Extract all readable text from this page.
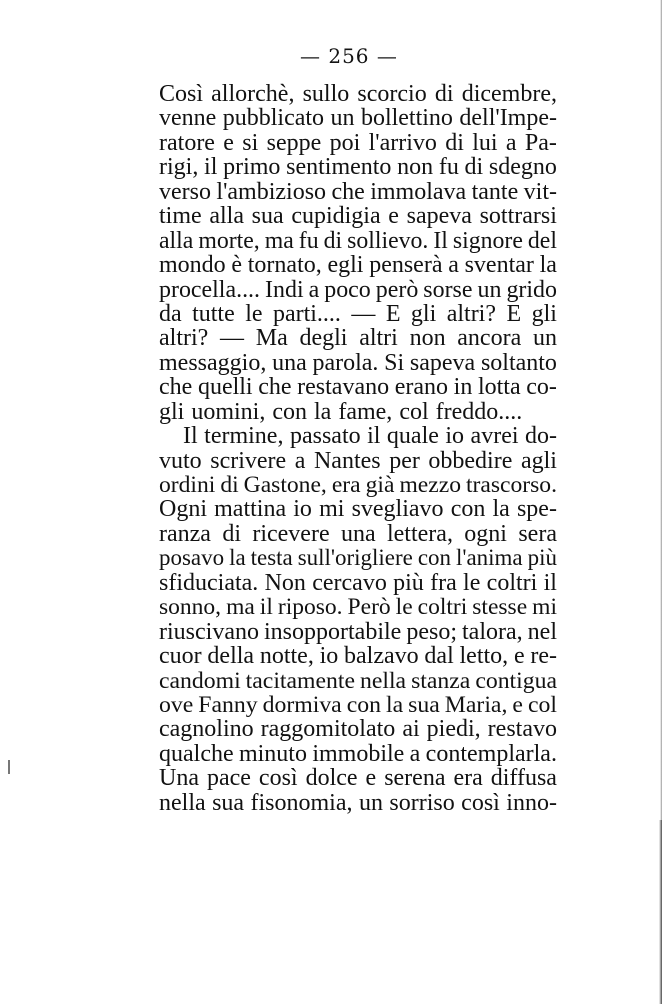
— 256 —
Così allorchè, sullo scorcio di dicembre,
venne pubblicato un bollettino dell'Impe-
ratore e si seppe poi l'arrivo di lui a Pa-
rigi, il primo sentimento non fu di sdegno
verso l'ambizioso che immolava tante vit-
time alla sua cupidigia e sapeva sottrarsi
alla morte, ma fu di sollievo. Il signore del
mondo è tornato, egli penserà a sventar la
procella.... Indi a poco però sorse un grido
da tutte le parti.... — E gli altri? E gli
altri? — Ma degli altri non ancora un
messaggio, una parola. Si sapeva soltanto
che quelli che restavano erano in lotta co-
gli uomini, con la fame, col freddo....
Il termine, passato il quale io avrei do-
vuto scrivere a Nantes per obbedire agli
ordini di Gastone, era già mezzo trascorso.
Ogni mattina io mi svegliavo con la spe-
ranza di ricevere una lettera, ogni sera
posavo la testa sull'origliere con l'anima più
sfiduciata. Non cercavo più fra le coltri il
sonno, ma il riposo. Però le coltri stesse mi
riuscivano insopportabile peso; talora, nel
cuor della notte, io balzavo dal letto, e re-
candomi tacitamente nella stanza contigua
ove Fanny dormiva con la sua Maria, e col
cagnolino raggomitolato ai piedi, restavo
qualche minuto immobile a contemplarla.
Una pace così dolce e serena era diffusa
nella sua fisonomia, un sorriso così inno-
